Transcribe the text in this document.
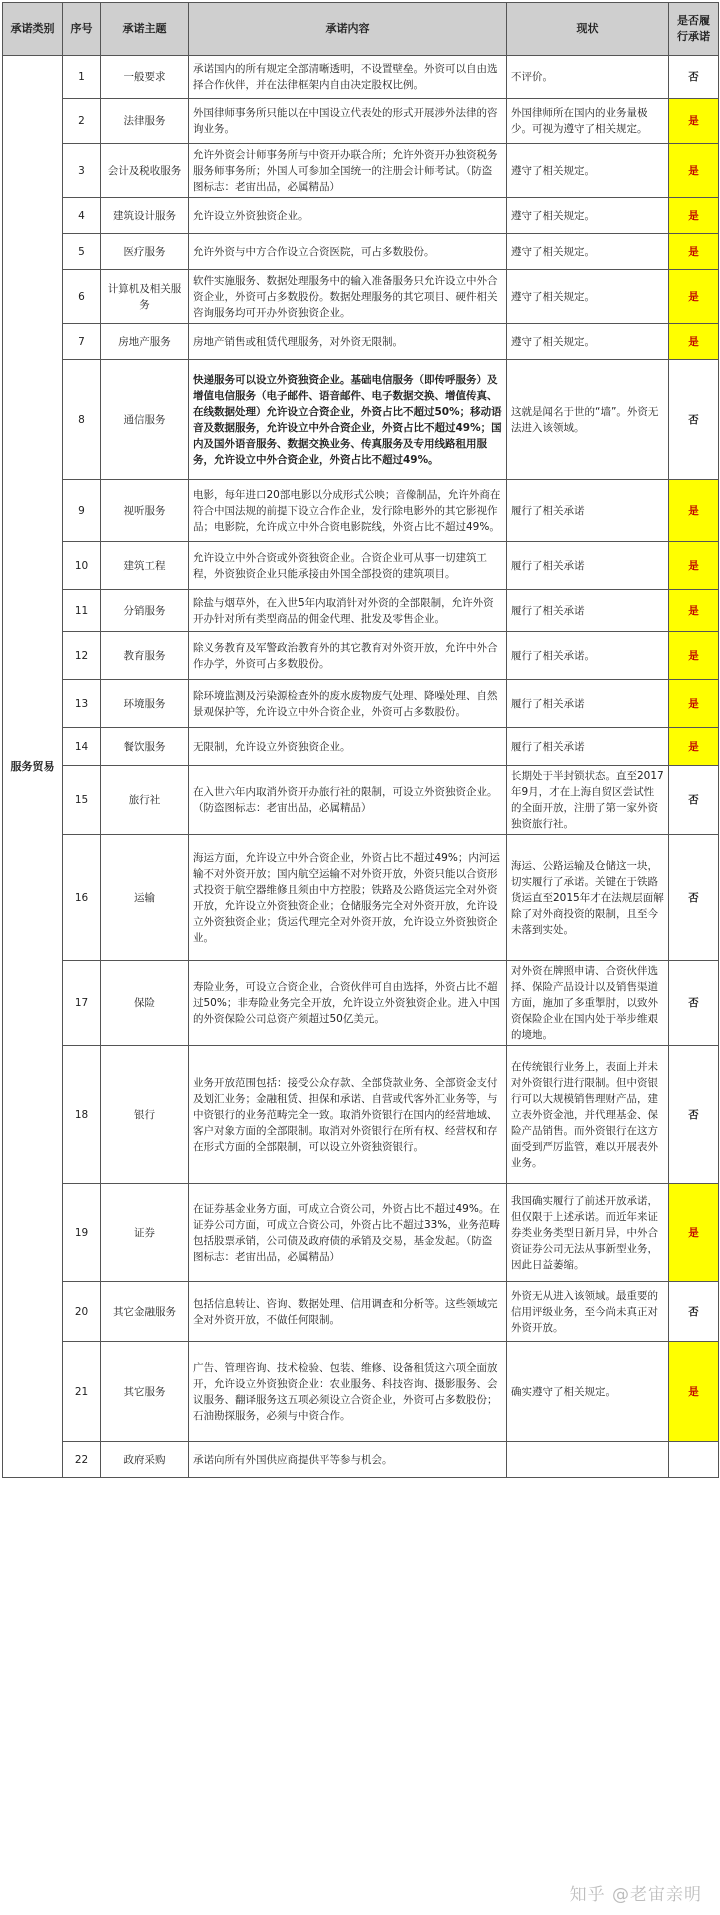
承诺类别	序号	承诺主题	承诺内容	现状	是否履行承诺
服务贸易	1	一般要求	承诺国内的所有规定全部清晰透明，不设置壁垒。外资可以自由选择合作伙伴，并在法律框架内自由决定股权比例。	不评价。	否
	2	法律服务	外国律师事务所只能以在中国设立代表处的形式开展涉外法律的咨询业务。	外国律师所在国内的业务量极少。可视为遵守了相关规定。	是
	3	会计及税收服务	允许外资会计师事务所与中资开办联合所；允许外资开办独资税务服务师事务所；外国人可参加全国统一的注册会计师考试。（防盗图标志：老宙出品，必属精品）	遵守了相关规定。	是
	4	建筑设计服务	允许设立外资独资企业。	遵守了相关规定。	是
	5	医疗服务	允许外资与中方合作设立合资医院，可占多数股份。	遵守了相关规定。	是
	6	计算机及相关服务	软件实施服务、数据处理服务中的输入准备服务只允许设立中外合资企业，外资可占多数股份。数据处理服务的其它项目、硬件相关咨询服务均可开办外资独资企业。	遵守了相关规定。	是
	7	房地产服务	房地产销售或租赁代理服务，对外资无限制。	遵守了相关规定。	是
	8	通信服务	快递服务可以设立外资独资企业。基础电信服务（即传呼服务）及增值电信服务（电子邮件、语音邮件、电子数据交换、增值传真、在线数据处理）允许设立合资企业，外资占比不超过50%；移动语音及数据服务，允许设立中外合资企业，外资占比不超过49%；国内及国外语音服务、数据交换业务、传真服务及专用线路租用服务，允许设立中外合资企业，外资占比不超过49%。	这就是闻名于世的“墙”。外资无法进入该领域。	否
	9	视听服务	电影，每年进口20部电影以分成形式公映；音像制品，允许外商在符合中国法规的前提下设立合作企业，发行除电影外的其它影视作品；电影院，允许成立中外合资电影院线，外资占比不超过49%。	履行了相关承诺	是
	10	建筑工程	允许设立中外合资或外资独资企业。合资企业可从事一切建筑工程，外资独资企业只能承接由外国全部投资的建筑项目。	履行了相关承诺	是
	11	分销服务	除盐与烟草外，在入世5年内取消针对外资的全部限制，允许外资开办针对所有类型商品的佣金代理、批发及零售企业。	履行了相关承诺	是
	12	教育服务	除义务教育及军警政治教育外的其它教育对外资开放，允许中外合作办学，外资可占多数股份。	履行了相关承诺。	是
	13	环境服务	除环境监测及污染源检查外的废水废物废气处理、降噪处理、自然景观保护等，允许设立中外合资企业，外资可占多数股份。	履行了相关承诺	是
	14	餐饮服务	无限制，允许设立外资独资企业。	履行了相关承诺	是
	15	旅行社	在入世六年内取消外资开办旅行社的限制，可设立外资独资企业。（防盗图标志：老宙出品，必属精品）	长期处于半封锁状态。直至2017年9月，才在上海自贸区尝试性的全面开放，注册了第一家外资独资旅行社。	否
	16	运输	海运方面，允许设立中外合资企业，外资占比不超过49%；内河运输不对外资开放；国内航空运输不对外资开放，外资只能以合资形式投资于航空器维修且须由中方控股；铁路及公路货运完全对外资开放，允许设立外资独资企业；仓储服务完全对外资开放，允许设立外资独资企业；货运代理完全对外资开放，允许设立外资独资企业。	海运、公路运输及仓储这一块，切实履行了承诺。关键在于铁路货运直至2015年才在法规层面解除了对外商投资的限制，且至今未落到实处。	否
	17	保险	寿险业务，可设立合资企业，合资伙伴可自由选择，外资占比不超过50%；非寿险业务完全开放，允许设立外资独资企业。进入中国的外资保险公司总资产须超过50亿美元。	对外资在牌照申请、合资伙伴选择、保险产品设计以及销售渠道方面，施加了多重掣肘，以致外资保险企业在国内处于举步维艰的境地。	否
	18	银行	业务开放范围包括：接受公众存款、全部贷款业务、全部资金支付及划汇业务；金融租赁、担保和承诺、自营或代客外汇业务等，与中资银行的业务范畴完全一致。取消外资银行在国内的经营地域、客户对象方面的全部限制。取消对外资银行在所有权、经营权和存在形式方面的全部限制，可以设立外资独资银行。	在传统银行业务上，表面上并未对外资银行进行限制。但中资银行可以大规模销售理财产品，建立表外资金池，并代理基金、保险产品销售。而外资银行在这方面受到严厉监管，难以开展表外业务。	否
	19	证券	在证券基金业务方面，可成立合资公司，外资占比不超过49%。在证券公司方面，可成立合资公司，外资占比不超过33%，业务范畴包括股票承销，公司债及政府债的承销及交易，基金发起。（防盗图标志：老宙出品，必属精品）	我国确实履行了前述开放承诺，但仅限于上述承诺。而近年来证券类业务类型日新月异，中外合资证券公司无法从事新型业务，因此日益萎缩。	是
	20	其它金融服务	包括信息转让、咨询、数据处理、信用调查和分析等。这些领域完全对外资开放，不做任何限制。	外资无从进入该领域。最重要的信用评级业务，至今尚未真正对外资开放。	否
	21	其它服务	广告、管理咨询、技术检验、包装、维修、设备租赁这六项全面放开，允许设立外资独资企业：农业服务、科技咨询、摄影服务、会议服务、翻译服务这五项必须设立合资企业，外资可占多数股份；石油勘探服务，必须与中资合作。	确实遵守了相关规定。	是
	22	政府采购	承诺向所有外国供应商提供平等参与机会。		
知乎 @老宙亲明
